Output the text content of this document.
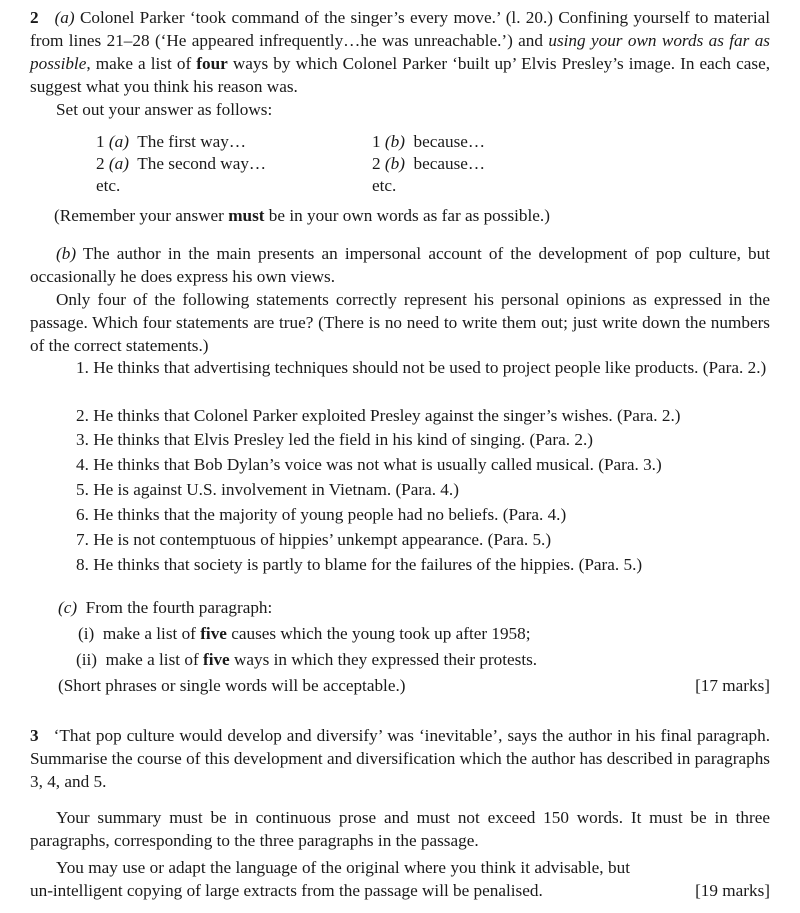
2 (a) Colonel Parker ‘took command of the singer’s every move.’ (l. 20.) Confining yourself to material from lines 21–28 (‘He appeared infrequently…he was unreachable.’) and using your own words as far as possible, make a list of four ways by which Colonel Parker ‘built up’ Elvis Presley’s image. In each case, suggest what you think his reason was.

Set out your answer as follows:

1 (a) The first way…	1 (b) because…

2 (a) The second way…	2 (b) because…

etc.	etc.

(Remember your answer must be in your own words as far as possible.)

(b) The author in the main presents an impersonal account of the development of pop culture, but occasionally he does express his own views.

Only four of the following statements correctly represent his personal opinions as expressed in the passage. Which four statements are true? (There is no need to write them out; just write down the numbers of the correct statements.)

1. He thinks that advertising techniques should not be used to project people like products. (Para. 2.)

2. He thinks that Colonel Parker exploited Presley against the singer’s wishes. (Para. 2.)

3. He thinks that Elvis Presley led the field in his kind of singing. (Para. 2.)

4. He thinks that Bob Dylan’s voice was not what is usually called musical. (Para. 3.)

5. He is against U.S. involvement in Vietnam. (Para. 4.)

6. He thinks that the majority of young people had no beliefs. (Para. 4.)

7. He is not contemptuous of hippies’ unkempt appearance. (Para. 5.)

8. He thinks that society is partly to blame for the failures of the hippies. (Para. 5.)

(c) From the fourth paragraph:

(i) make a list of five causes which the young took up after 1958;

(ii) make a list of five ways in which they expressed their protests.

(Short phrases or single words will be acceptable.)	[17 marks]

3 ‘That pop culture would develop and diversify’ was ‘inevitable’, says the author in his final paragraph. Summarise the course of this development and diversification which the author has described in paragraphs 3, 4, and 5.

Your summary must be in continuous prose and must not exceed 150 words. It must be in three paragraphs, corresponding to the three paragraphs in the passage.

You may use or adapt the language of the original where you think it advisable, but un-intelligent copying of large extracts from the passage will be penalised.	[19 marks]
